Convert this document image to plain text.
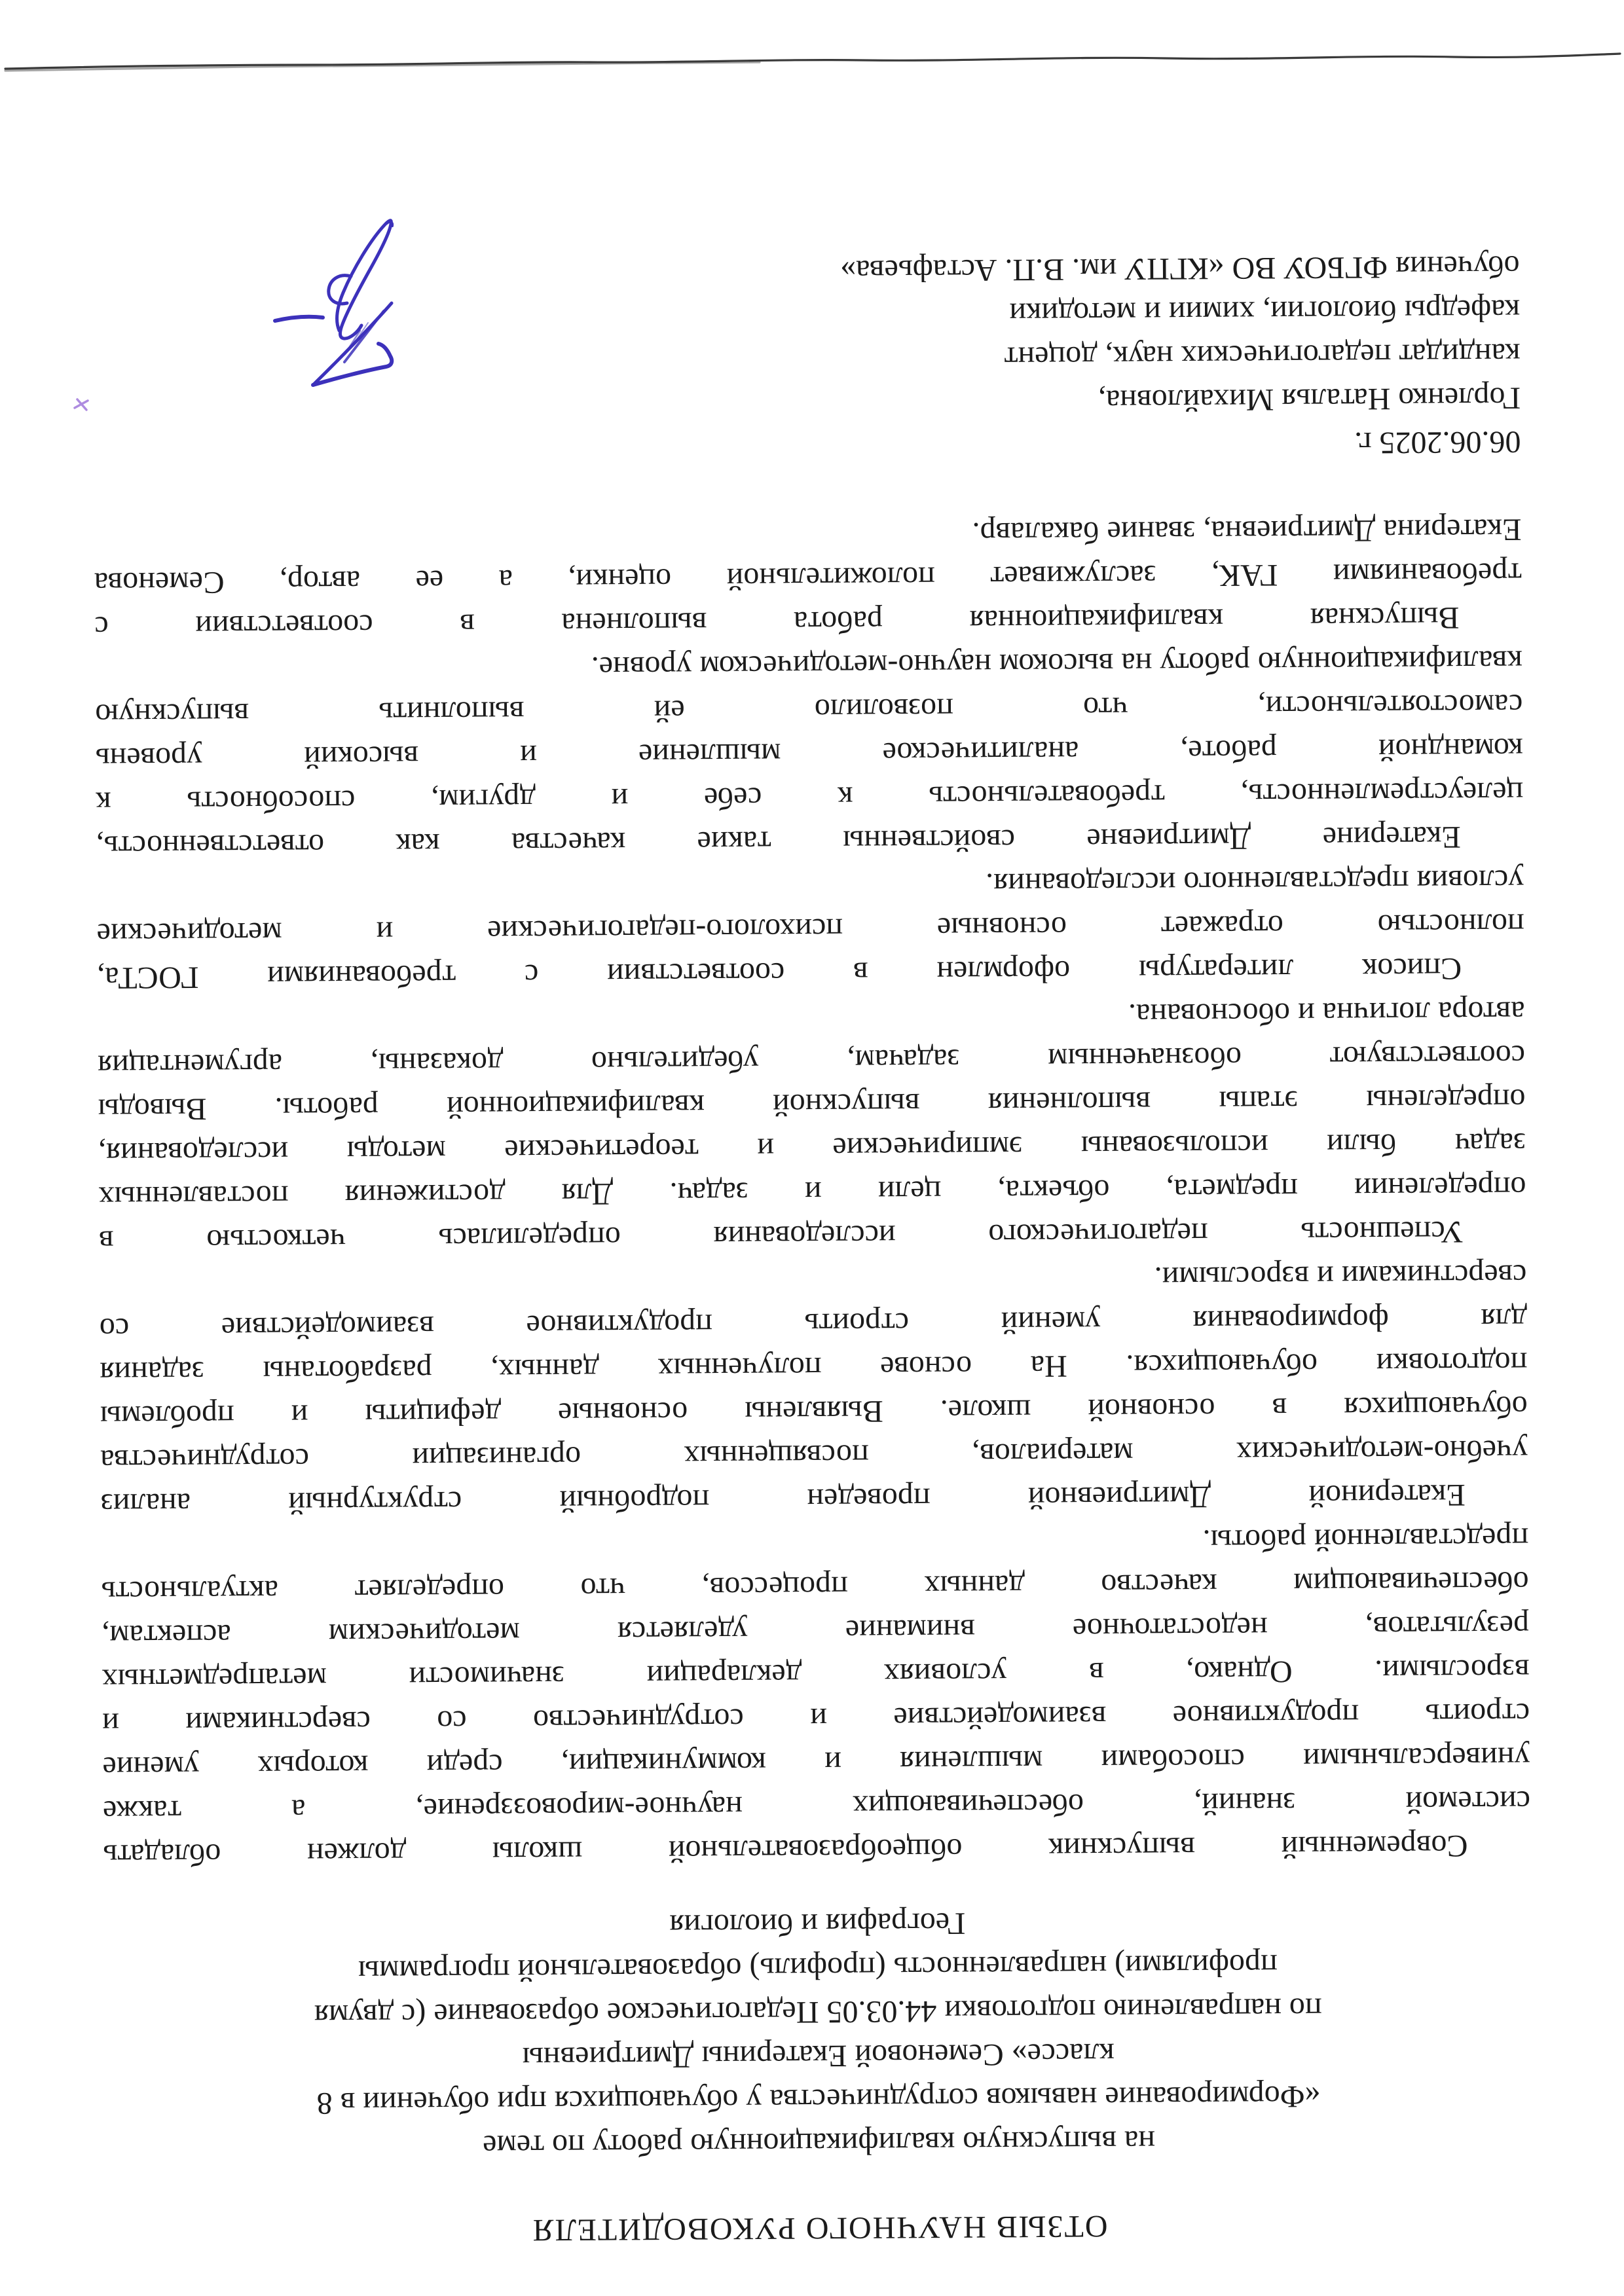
ОТЗЫВ НАУЧНОГО РУКОВОДИТЕЛЯ
на выпускную квалификационную работу по теме
«Формирование навыков сотрудничества у обучающихся при обучении в 8
классе» Семеновой Екатерины Дмитриевны
по направлению подготовки 44.03.05 Педагогическое образование (с двумя
профилями) направленность (профиль) образовательной программы
География и биология
Современный выпускник общеобразовательной школы должен обладать
системой знаний, обеспечивающих научное-мировоззрение, а также
универсальными способами мышления и коммуникации, среди которых умение
строить продуктивное взаимодействие и сотрудничество со сверстниками и
взрослыми. Однако, в условиях декларации значимости метапредметных
результатов, недостаточное внимание уделяется методическим аспектам,
обеспечивающим качество данных процессов, что определяет актуальность
представленной работы.
Екатериной Дмитриевной проведен подробный структурный анализ
учебно-методических материалов, посвященных организации сотрудничества
обучающихся в основной школе. Выявлены основные дефициты и проблемы
подготовки обучающихся. На основе полученных данных, разработаны задания
для формирования умений строить продуктивное взаимодействие со
сверстниками и взрослыми.
Успешность педагогического исследования определилась четкостью в
определении предмета, объекта, цели и задач. Для достижения поставленных
задач были использованы эмпирические и теоретические методы исследования,
определены этапы выполнения выпускной квалификационной работы. Выводы
соответствуют обозначенным задачам, убедительно доказаны, аргументация
автора логична и обоснована.
Список литературы оформлен в соответствии с требованиями ГОСТа,
полностью отражает основные психолого-педагогические и методические
условия представленного исследования.
Екатерине Дмитриевне свойственны такие качества как ответственность,
целеустремленность, требовательность к себе и другим, способность к
командной работе, аналитическое мышление и высокий уровень
самостоятельности, что позволило ей выполнить выпускную
квалификационную работу на высоком научно-методическом уровне.
Выпускная квалификационная работа выполнена в соответствии с
требованиями ГАК, заслуживает положительной оценки, а ее автор, Семенова
Екатерина Дмитриевна, звание бакалавр.
06.06.2025 г.
Горленко Наталья Михайловна,
кандидат педагогических наук, доцент
кафедры биологии, химии и методики
обучения ФГБОУ ВО «КГПУ им. В.П. Астафьева»
